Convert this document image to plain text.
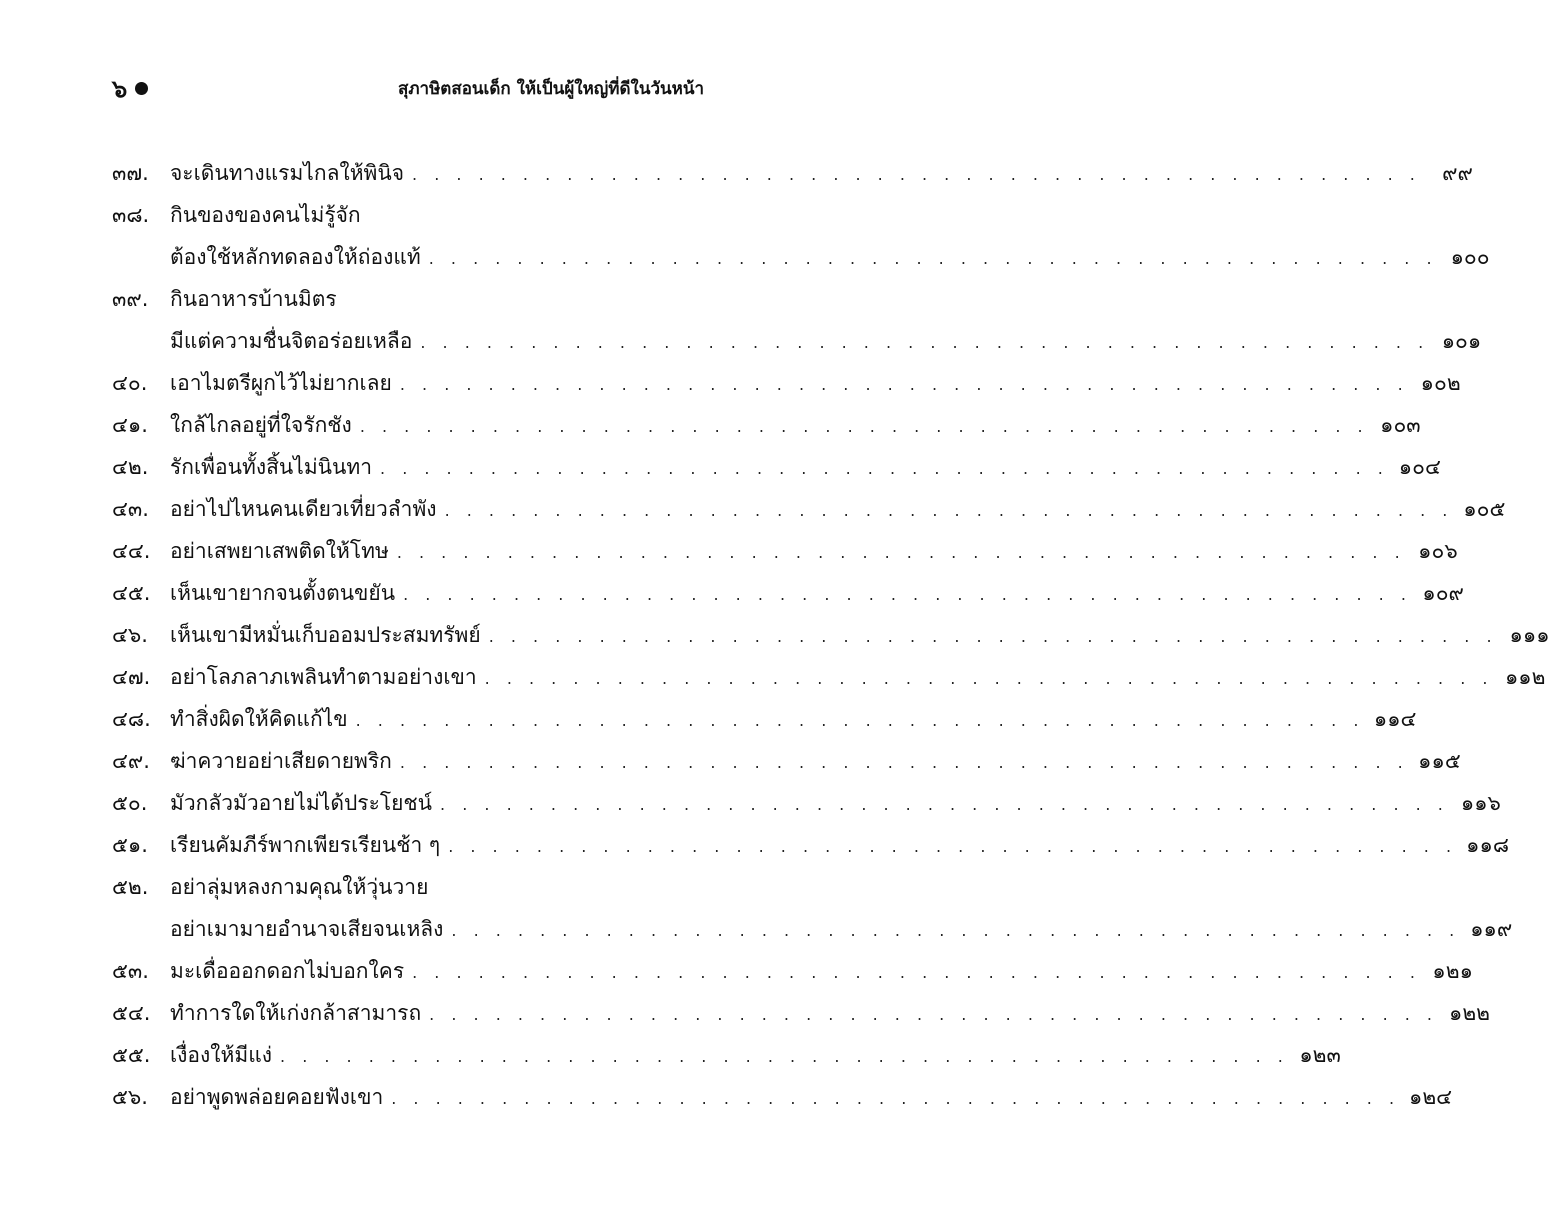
๖	สุภาษิตสอนเด็ก ให้เป็นผู้ใหญ่ที่ดีในวันหน้า
๓๗.	จะเดินทางแรมไกลให้พินิจ . . . . . . . . . . . . . . . . . . . . . . . . . . . . . . . . . . . . . . . . . . . . . .	๙๙
๓๘. กินของของคนไม่รู้จัก
ต้องใช้หลักทดลองให้ถ่องแท้ . . . . . . . . . . . . . . . . . . . . . . . . . . . . . . . . . . . . . . . . . . . . . . ๑๐๐
๓๙.	กินอาหารบ้านมิตร
มีแต่ความชื่นจิตอร่อยเหลือ . . . . . . . . . . . . . . . . . . . . . . . . . . . . . . . . . . . . . . . . . . . . . . ๑๐๑
๔๐.	เอาไมตรีผูกไว้ไม่ยากเลย . . . . . . . . . . . . . . . . . . . . . . . . . . . . . . . . . . . . . . . . . . . . . . ๑๐๒
๔๑.	ใกล้ไกลอยู่ที่ใจรักชัง . . . . . . . . . . . . . . . . . . . . . . . . . . . . . . . . . . . . . . . . . . . . . . ๑๐๓
๔๒.	รักเพื่อนทั้งสิ้นไม่นินทา . . . . . . . . . . . . . . . . . . . . . . . . . . . . . . . . . . . . . . . . . . . . . . ๑๐๔
๔๓.	อย่าไปไหนคนเดียวเที่ยวลำพัง . . . . . . . . . . . . . . . . . . . . . . . . . . . . . . . . . . . . . . . . . . . . . . ๑๐๕
๔๔. อย่าเสพยาเสพติดให้โทษ . . . . . . . . . . . . . . . . . . . . . . . . . . . . . . . . . . . . . . . . . . . . . . ๑๐๖
๔๕. เห็นเขายากจนตั้งตนขยัน . . . . . . . . . . . . . . . . . . . . . . . . . . . . . . . . . . . . . . . . . . . . . . ๑๐๙
๔๖.	เห็นเขามีหมั่นเก็บออมประสมทรัพย์ . . . . . . . . . . . . . . . . . . . . . . . . . . . . . . . . . . . . . . . . . . . . . . ๑๑๑
๔๗. อย่าโลภลาภเพลินทำตามอย่างเขา . . . . . . . . . . . . . . . . . . . . . . . . . . . . . . . . . . . . . . . . . . . . . . ๑๑๒
๔๘. ทำสิ่งผิดให้คิดแก้ไข . . . . . . . . . . . . . . . . . . . . . . . . . . . . . . . . . . . . . . . . . . . . . . ๑๑๔
๔๙. ฆ่าควายอย่าเสียดายพริก . . . . . . . . . . . . . . . . . . . . . . . . . . . . . . . . . . . . . . . . . . . . . . ๑๑๕
๕๐.	มัวกลัวมัวอายไม่ได้ประโยชน์ . . . . . . . . . . . . . . . . . . . . . . . . . . . . . . . . . . . . . . . . . . . . . . ๑๑๖
๕๑.	เรียนคัมภีร์พากเพียรเรียนช้า ๆ . . . . . . . . . . . . . . . . . . . . . . . . . . . . . . . . . . . . . . . . . . . . . . ๑๑๘
๕๒.	อย่าลุ่มหลงกามคุณให้วุ่นวาย
อย่าเมามายอำนาจเสียจนเหลิง . . . . . . . . . . . . . . . . . . . . . . . . . . . . . . . . . . . . . . . . . . . . . . ๑๑๙
๕๓.	มะเดื่อออกดอกไม่บอกใคร . . . . . . . . . . . . . . . . . . . . . . . . . . . . . . . . . . . . . . . . . . . . . . ๑๒๑
๕๔. ทำการใดให้เก่งกล้าสามารถ . . . . . . . . . . . . . . . . . . . . . . . . . . . . . . . . . . . . . . . . . . . . . . ๑๒๒
๕๕. เงื่องให้มีแง่ . . . . . . . . . . . . . . . . . . . . . . . . . . . . . . . . . . . . . . . . . . . . . . ๑๒๓
๕๖.	อย่าพูดพล่อยคอยฟังเขา . . . . . . . . . . . . . . . . . . . . . . . . . . . . . . . . . . . . . . . . . . . . . . ๑๒๔
